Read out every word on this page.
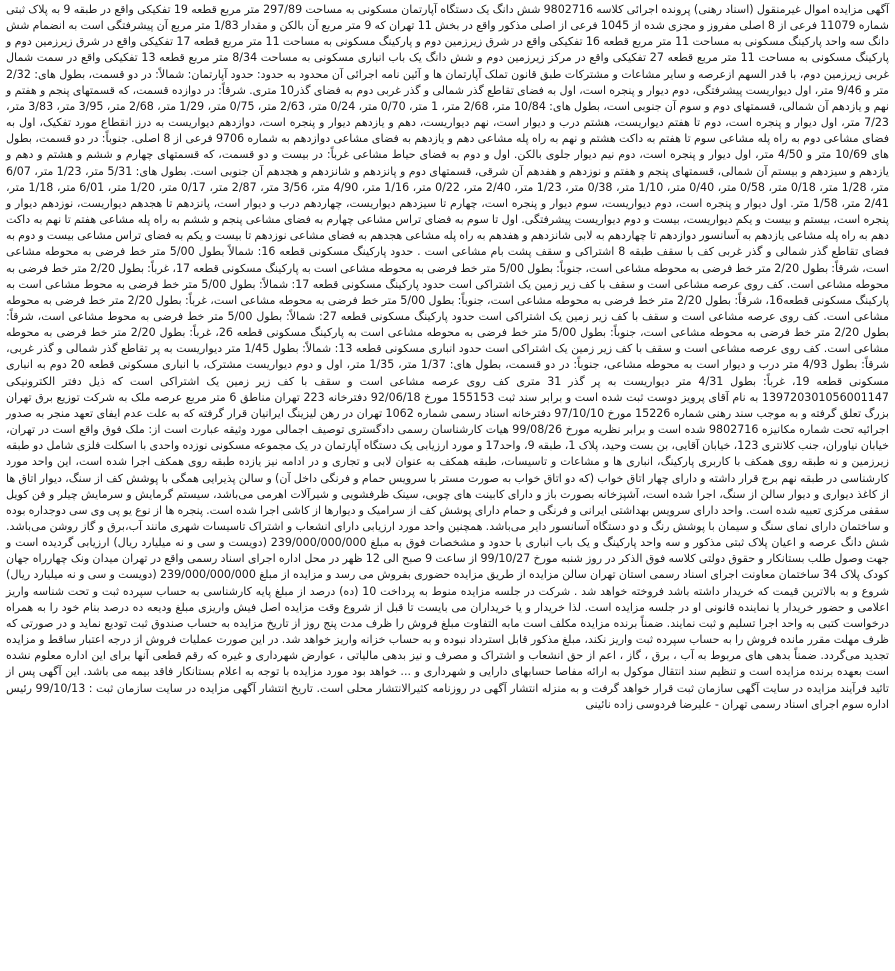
آگهی مزایده اموال غیرمنقول (اسناد رهنی) پرونده اجرائی کلاسه 9802716 شش دانگ یک دستگاه آپارتمان مسکونی به مساحت 297/89 متر مربع قطعه 19 تفکیکی واقع در طبقه 9 به پلاک ثبتی شماره 11079 فرعی از 8 اصلی مفروز و مجزی شده از 1045 فرعی از اصلی مذکور واقع در بخش 11 تهران که 9 متر مربع آن بالکن و مقدار 1/83 متر مربع آن پیشرفتگی است به انضمام شش دانگ سه واحد پارکینگ مسکونی به مساحت 11 متر مربع قطعه 16 تفکیکی واقع در شرق زیرزمین دوم و پارکینگ مسکونی به مساحت 11 متر مربع قطعه 17 تفکیکی واقع در شرق زیرزمین دوم و پارکینگ مسکونی به مساحت 11 متر مربع قطعه 27 تفکیکی واقع در مرکز زیرزمین دوم و شش دانگ یک باب انباری مسکونی به مساحت 8/34 متر مربع قطعه 13 تفکیکی واقع در سمت شمال غربی زیرزمین دوم، با قدر السهم ازعرصه و سایر مشاعات و مشترکات طبق قانون تملک آپارتمان ها و آئین نامه اجرائی آن محدود به حدود: حدود آپارتمان: شمالاً: در دو قسمت، بطول های: 2/32 متر و 9/46 متر، اول دیواریست پیشرفتگی، دوم دیوار و پنجره است، اول به فضای تقاطع گذر شمالی و گذر غربی دوم به فضای گذر10 متری. شرقاً: در دوازده قسمت، که قسمتهای پنجم و هفتم و نهم و یازدهم آن شمالی، قسمتهای دوم و سوم آن جنوبی است، بطول های: 10/84 متر، 2/68 متر، 1 متر، 0/70 متر، 0/24 متر، 2/63 متر، 0/75 متر، 1/29 متر، 2/68 متر، 3/95 متر، 3/83 متر، 7/23 متر، اول دیوار و پنجره است، دوم تا هفتم دیواریست، هشتم درب و دیوار است، نهم دیواریست، دهم و یازدهم دیوار و پنجره است، دوازدهم دیواریست به درز انقطاع مورد تفکیک، اول به فضای مشاعی دوم به راه پله مشاعی سوم تا هفتم به داکت هشتم و نهم به راه پله مشاعی دهم و یازدهم به فضای مشاعی دوازدهم به شماره 9706 فرعی از 8 اصلی. جنوباً: در دو قسمت، بطول های 10/69 متر و 4/50 متر، اول دیوار و پنجره است، دوم نیم دیوار جلوی بالکن. اول و دوم به فضای حیاط مشاعی غرباً: در بیست و دو قسمت، که قسمتهای چهارم و ششم و هشتم و دهم و یازدهم و سیزدهم و بیستم آن شمالی، قسمتهای پنجم و هفتم و نوزدهم و هفدهم آن شرقی، قسمتهای دوم و پانزدهم و شانزدهم و هجدهم آن جنوبی است. بطول های: 5/31 متر، 1/23 متر، 6/07 متر، 1/28 متر، 0/18 متر، 0/58 متر، 0/40 متر، 1/10 متر، 0/38 متر، 1/23 متر، 2/40 متر، 0/22 متر، 1/16 متر، 4/90 متر، 3/56 متر، 2/87 متر، 0/17 متر، 1/20 متر، 6/01 متر، 1/18 متر، 2/41 متر، 1/58 متر. اول دیوار و پنجره است، دوم دیواریست، سوم دیوار و پنجره است، چهارم تا سیزدهم دیواریست، چهاردهم درب و دیوار است، پانزدهم تا هجدهم دیواریست، نوزدهم دیوار و پنجره است، بیستم و بیست و یکم دیواریست، بیست و دوم دیواریست پیشرفتگی. اول تا سوم به فضای تراس مشاعی چهارم به فضای مشاعی پنجم و ششم به راه پله مشاعی هفتم تا نهم به داکت دهم به راه پله مشاعی یازدهم به آسانسور دوازدهم تا چهاردهم به لابی شانزدهم و هفدهم به راه پله مشاعی هجدهم به فضای مشاعی نوزدهم تا بیست و یکم به فضای تراس مشاعی بیست و دوم به فضای تقاطع گذر شمالی و گذر غربی کف با سقف طبقه 8 اشتراکی و سقف پشت بام مشاعی است . حدود پارکینگ مسکونی قطعه 16: شمالاً بطول 5/00 متر خط فرضی به محوطه مشاعی است، شرقاً: بطول 2/20 متر خط فرضی به محوطه مشاعی است، جنوباً: بطول 5/00 متر خط فرضی به محوطه مشاعی است به پارکینگ مسکونی قطعه 17، غرباً: بطول 2/20 متر خط فرضی به محوطه مشاعی است. کف روی عرصه مشاعی است و سقف با کف زیر زمین یک اشتراکی است حدود پارکینگ مسکونی قطعه 17: شمالاً: بطول 5/00 متر خط فرضی به محوط مشاعی است به پارکینگ مسکونی قطعه16، شرقاً: بطول 2/20 متر خط فرضی به محوطه مشاعی است، جنوباً: بطول 5/00 متر خط فرضی به محوطه مشاعی است، غرباً: بطول 2/20 متر خط فرضی به محوطه مشاعی است. کف روی عرصه مشاعی است و سقف با کف زیر زمین یک اشتراکی است حدود پارکینگ مسکونی قطعه 27: شمالاً: بطول 5/00 متر خط فرضی به محوط مشاعی است، شرقاً: بطول 2/20 متر خط فرضی به محوطه مشاعی است، جنوباً: بطول 5/00 متر خط فرضی به محوطه مشاعی است به پارکینگ مسکونی قطعه 26، غرباً: بطول 2/20 متر خط فرضی به محوطه مشاعی است. کف روی عرصه مشاعی است و سقف با کف زیر زمین یک اشتراکی است حدود انباری مسکونی قطعه 13: شمالاً: بطول 1/45 متر دیواریست به پر تقاطع گذر شمالی و گذر غربی، شرقاً: بطول 4/93 متر درب و دیوار است به محوطه مشاعی، جنوباً: در دو قسمت، بطول های: 1/37 متر، 1/35 متر، اول و دوم دیواریست مشترک، با انباری مسکونی قطعه 20 دوم به انباری مسکونی قطعه 19، غرباً: بطول 4/31 متر دیواریست به پر گذر 31 متری کف روی عرصه مشاعی است و سقف با کف زیر زمین یک اشتراکی است که ذیل دفتر الکترونیکی 139720301056001147 به نام آقای پرویز دوست ثبت شده است و برابر سند ثبت 155153 مورخ 92/06/18 دفترخانه 223 تهران مناطق 6 متر مربع عرصه ملک به شرکت توزیع برق تهران بزرگ تعلق گرفته و به موجب سند رهنی شماره 15226 مورخ 97/10/10 دفترخانه اسناد رسمی شماره 1062 تهران در رهن لیزینگ ایرانیان قرار گرفته که به علت عدم ایفای تعهد منجر به صدور اجرائیه تحت شماره مکانیزه 9802716 شده است و برابر نظریه مورخ 99/08/26 هیات کارشناسان رسمی دادگستری توصیف اجمالی مورد وثیقه عبارت است از: ملک فوق واقع است در تهران، خیابان نیاوران، جنب کلانتری 123، خیابان آقایی، بن بست وحید، پلاک 1، طبقه 9، واحد17 و مورد ارزیابی یک دستگاه آپارتمان در یک مجموعه مسکونی نوزده واحدی با اسکلت فلزی شامل دو طبقه زیرزمین و نه طبقه روی همکف با کاربری پارکینگ، انباری ها و مشاعات و تاسیسات، طبقه همکف به عنوان لابی و تجاری و در ادامه نیز یازده طبقه روی همکف اجرا شده است، این واحد مورد کارشناسی در طبقه نهم برج قرار داشته و دارای چهار اتاق خواب (که دو اتاق خواب به صورت مستر با سرویس حمام و فرنگی داخل آن) و سالن پذیرایی همگی با پوشش کف از سنگ، دیوار اتاق ها از کاغذ دیواری و دیوار سالن از سنگ، اجرا شده است، آشپزخانه بصورت باز و دارای کابینت های چوبی، سینک ظرفشویی و شیرآلات اهرمی می‌باشد، سیستم گرمایش و سرمایش چیلر و فن کویل سقفی مرکزی تعبیه شده است. واحد دارای سرویس بهداشتی ایرانی و فرنگی و حمام دارای پوشش کف از سرامیک و دیوارها از کاشی اجرا شده است. پنجره ها از نوع یو پی وی سی دوجداره بوده و ساختمان دارای نمای سنگ و سیمان با پوشش رنگ و دو دستگاه آسانسور دایر می‌باشد. همچنین واحد مورد ارزیابی دارای انشعاب و اشتراک تاسیسات شهری مانند آب،برق و گاز روشن می‌باشد. شش دانگ عرصه و اعیان پلاک ثبتی مذکور و سه واحد پارکینگ و یک باب انباری با حدود و مشخصات فوق به مبلغ 239/000/000/000 (دویست و سی و نه میلیارد ریال) ارزیابی گردیده است و جهت وصول طلب بستانکار و حقوق دولتی کلاسه فوق الذکر در روز شنبه مورخ 99/10/27 از ساعت 9 صبح الی 12 ظهر در محل اداره اجرای اسناد رسمی واقع در تهران میدان ونک چهارراه جهان کودک پلاک 34 ساختمان معاونت اجرای اسناد رسمی استان تهران سالن مزایده از طریق مزایده حضوری بفروش می رسد و مزایده از مبلغ 239/000/000/000 (دویست و سی و نه میلیارد ریال) شروع و به بالاترین قیمت که خریدار داشته باشد فروخته خواهد شد . شرکت در جلسه مزایده منوط به پرداخت 10 (ده) درصد از مبلغ پایه کارشناسی به حساب سپرده ثبت و تحت شناسه واریز اعلامی و حضور خریدار یا نماینده قانونی او در جلسه مزایده است. لذا خریدار و یا خریداران می بایست تا قبل از شروع وقت مزایده اصل فیش واریزی مبلغ ودیعه ده درصد بنام خود را به همراه درخواست کتبی به واحد اجرا تسلیم و ثبت نمایند. ضمناً برنده مزایده مکلف است مابه التفاوت مبلغ فروش را ظرف مدت پنج روز از تاریخ مزایده به حساب صندوق ثبت تودیع نماید و در صورتی که ظرف مهلت مقرر مانده فروش را به حساب سپرده ثبت واریز نکند، مبلغ مذکور قابل استرداد نبوده و به حساب خزانه واریز خواهد شد. در این صورت عملیات فروش از درجه اعتبار ساقط و مزایده تجدید می‌گردد. ضمناً بدهی های مربوط به آب ، برق ، گاز ، اعم از حق انشعاب و اشتراک و مصرف و نیز بدهی مالیاتی ، عوارض شهرداری و غیره که رقم قطعی آنها برای این اداره معلوم نشده است بعهده برنده مزایده است و تنظیم سند انتقال موکول به ارائه مفاصا حسابهای دارایی و شهرداری و ... خواهد بود مورد مزایده با توجه به اعلام بستانکار فاقد بیمه می باشد. این آگهی پس از تائید فرآیند مزایده در سایت آگهی سازمان ثبت قرار خواهد گرفت و به منزله انتشار آگهی در روزنامه کثیرالانتشار محلی است. تاریخ انتشار آگهی مزایده در سایت سازمان ثبت : 99/10/13 رئیس اداره سوم اجرای اسناد رسمی تهران - علیرضا فردوسی زاده نائینی
